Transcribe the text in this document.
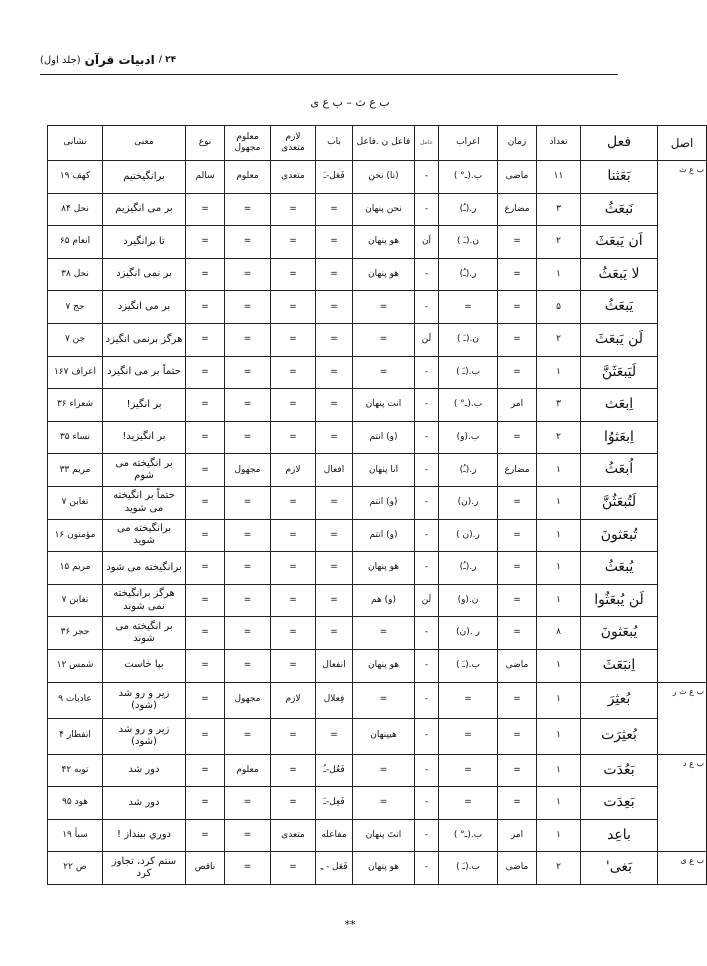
۲۴ /
ادبیات قرآن
(جلد اول)
ب ع ث – ب ع ی
اصل	فعل	تعداد	زمان	اعراب	عامل	فاعل ن .فاعل	باب	لازم متعدی	معلوم مجهول	نوع	معنی	نشانی
ب ع ث	بَعَثنا	۱۱	ماضی	ب.(ـ° )	-	(نا) نحن	فَعَل-ـَ	متعدی	معلوم	سالم	برانگیختیم	کهف ۱۹
	نَبعَثُ	۳	مضارع	ر.(ـُ)	-	نحن پنهان	=	=	=	=	بر می انگیزیم	نحل ۸۴
	اَن یَبعَثَ	۲	=	ن.(ـَ )	اَن	هو پنهان	=	=	=	=	تا برانگیرد	انعام ۶۵
	لا یَبعَثُ	۱	=	ر.(ـُ)	-	هو پنهان	=	=	=	=	بر نمی انگیزد	نحل ۳۸
	یَبعَثُ	۵	=	=	-	=	=	=	=	=	بر می انگیزد	حج ۷
	لَن یَبعَثَ	۲	=	ن.(ـَ )	لَن	=	=	=	=	=	هرگز برنمی انگیزد	جن ۷
	لَیَبعَثَنَّ	۱	=	ب.(ـَ )	-	=	=	=	=	=	حتماً بر می انگیزد	اعراف ۱۶۷
	اِبعَث	۳	امر	ب.(ـ° )	-	انت پنهان	=	=	=	=	بر انگیز!	شعراء ۳۶
	اِبعَثوُا	۲	=	ب.(و)	-	(و) انتم	=	=	=	=	بر انگیزید!	نساء ۳۵
	اُبعَثُ	۱	مضارع	ر.(ـُ)	-	انا پنهان	افعال	لازم	مجهول	=	بر انگیخته می شوم	مریم ۳۳
	لَتُبعَثُنَّ	۱	=	ر.(ن)	-	(و) انتم	=	=	=	=	حتماً بر انگیخته می شوید	تغابن ۷
	تُبعَثونَ	۱	=	ر.(ن )	-	(و) انتم	=	=	=	=	برانگیخته می شوید	مؤمنون ۱۶
	یُبعَثُ	۱	=	ر.(ـُ)	-	هو پنهان	=	=	=	=	برانگیخته می شود	مریم ۱۵
	لَن یُبعَثُوا	۱	=	ن.(و)	لَن	(و) هم	=	=	=	=	هرگز برانگیخته نمی شوند	تغابن ۷
	یُبعَثونَ	۸	=	ر .(ن)	-	=	=	=	=	=	بر انگیخته می شوند	حجر ۳۶
	اِنبَعَثَ	۱	ماضی	ب.(ـَ )	-	هو پنهان	انفعال	=	=	=	بپا خاست	شمس ۱۲
ب ع ث ر	بُعثِرَ	۱	=	=	-	=	فِعلال	لازم	مجهول	=	زیر و رو شد (شود)	عادیات ۹
	بُعثِرَت	۱	=	=	-	هیپنهان	=	=	=	=	زیر و رو شد (شود)	انفطار ۴
ب ع د	بَعُدَت	۱	=	=	-	=	فَعُل-ـُ	=	معلوم	=	دور شد	توبه ۴۲
	بَعِدَت	۱	=	=	-	=	فَعِل-ـَ	=	=	=	دور شد	هود ۹۵
	باعِد	۱	امر	ب.(ـ° )	-	انتَ پنهان	مفاعله	متعدی	=	=	دوري بينداز !	سبأ ۱۹
ب ع ی	بَغی'	۲	ماضی	ب.(ـَ )	-	هو پنهان	فَعَل - ـِ	=	=	ناقص	ستم کرد، تجاوز کرد	ص ۲۲
**
